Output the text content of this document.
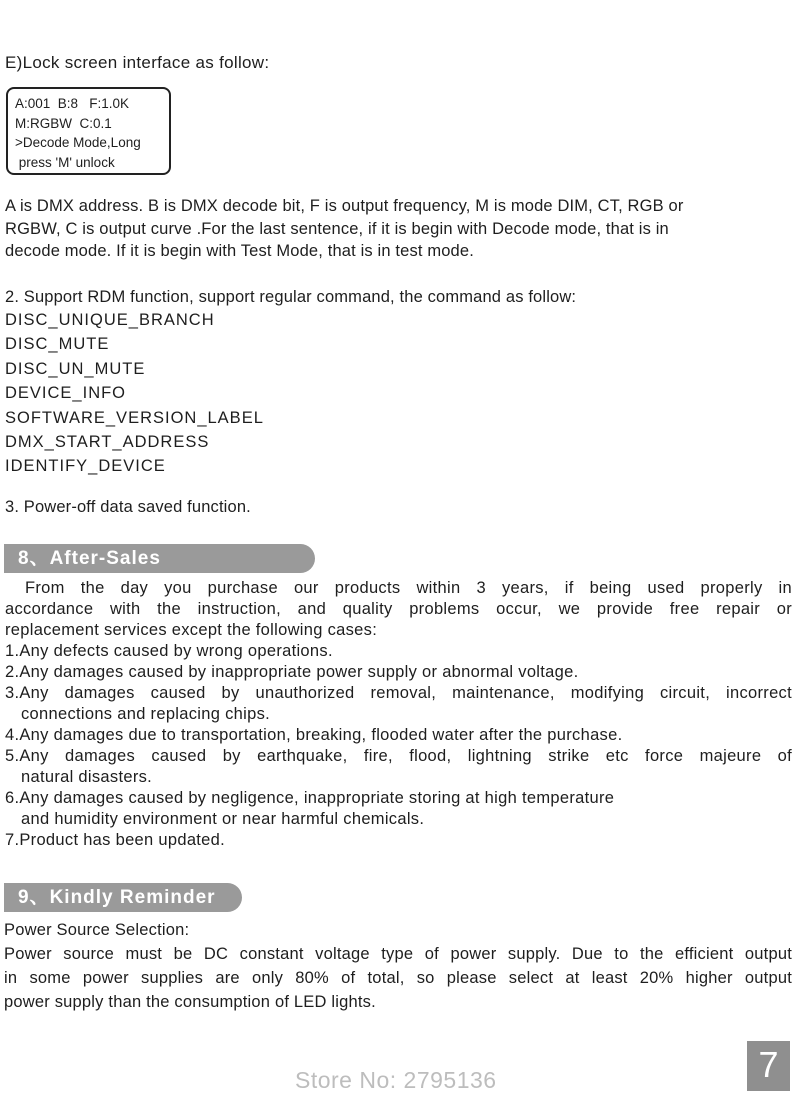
E)Lock screen interface as follow:
A:001  B:8   F:1.0K
M:RGBW  C:0.1
>Decode Mode,Long
press 'M' unlock
A is DMX address. B is DMX decode bit, F is output frequency, M is mode DIM, CT, RGB or
RGBW, C is output curve .For the last sentence, if it is begin with Decode mode, that is in
decode mode. If it is begin with Test Mode, that is in test mode.
2. Support RDM function, support regular command, the command as follow:
DISC_UNIQUE_BRANCH
DISC_MUTE
DISC_UN_MUTE
DEVICE_INFO
SOFTWARE_VERSION_LABEL
DMX_START_ADDRESS
IDENTIFY_DEVICE
3. Power-off data saved function.
8、After-Sales
From the day you purchase our products within 3 years, if being used properly in
accordance with the instruction, and quality problems occur, we provide free repair or
replacement services except the following cases:
1.Any defects caused by wrong operations.
2.Any damages caused by inappropriate power supply or abnormal voltage.
3.Any damages caused by unauthorized removal, maintenance, modifying circuit, incorrect
connections and replacing chips.
4.Any damages due to transportation, breaking, flooded water after the purchase.
5.Any damages caused by earthquake, fire, flood, lightning strike etc force majeure of
natural disasters.
6.Any damages caused by negligence, inappropriate storing at high temperature
and humidity environment or near harmful chemicals.
7.Product has been updated.
9、Kindly Reminder
Power Source Selection:
Power source must be DC constant voltage type of power supply. Due to the efficient output
in some power supplies are only 80% of total, so please select at least 20% higher output
power supply than the consumption of LED lights.
Store No: 2795136	7
